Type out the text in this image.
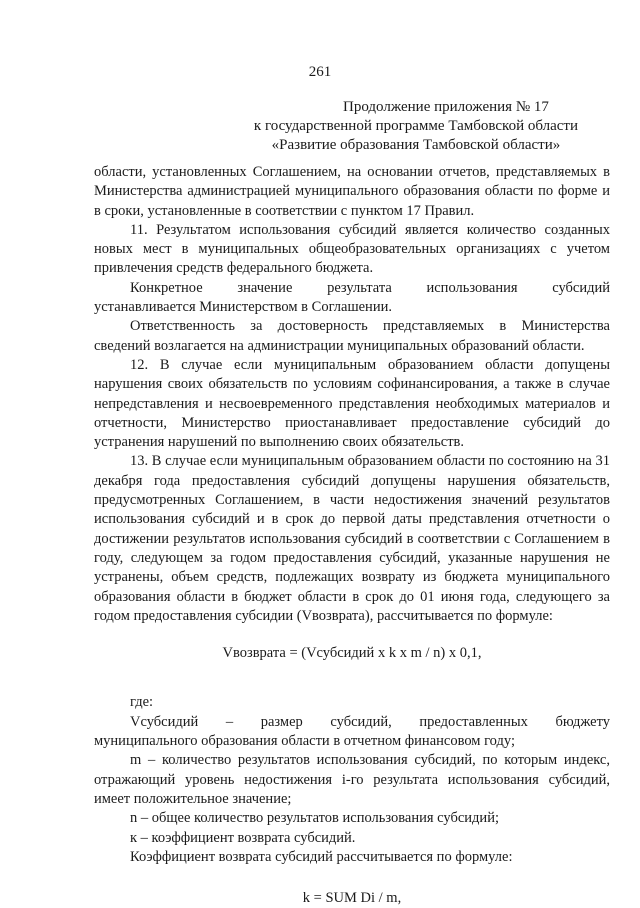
261
Продолжение приложения № 17
к государственной программе Тамбовской области
«Развитие образования Тамбовской области»

области, установленных Соглашением, на основании отчетов, представляемых в Министерства администрацией муниципального образования области по форме и в сроки, установленные в соответствии с пунктом 17 Правил.

11. Результатом использования субсидий является количество созданных новых мест в муниципальных общеобразовательных организациях с учетом привлечения средств федерального бюджета.

Конкретное значение результата использования субсидий

устанавливается Министерством в Соглашении.

Ответственность за достоверность представляемых в Министерства сведений возлагается на администрации муниципальных образований области.

12. В случае если муниципальным образованием области допущены нарушения своих обязательств по условиям софинансирования, а также в случае непредставления и несвоевременного представления необходимых материалов и отчетности, Министерство приостанавливает предоставление субсидий до устранения нарушений по выполнению своих обязательств.

13. В случае если муниципальным образованием области по состоянию на 31 декабря года предоставления субсидий допущены нарушения обязательств, предусмотренных Соглашением, в части недостижения значений результатов использования субсидий и в срок до первой даты представления отчетности о достижении результатов использования субсидий в соответствии с Соглашением в году, следующем за годом предоставления субсидий, указанные нарушения не устранены, объем средств, подлежащих возврату из бюджета муниципального образования области в бюджет области в срок до 01 июня года, следующего за годом предоставления субсидии (Vвозврата), рассчитывается по формуле:

Vвозврата = (Vсубсидий x k x m / n) x 0,1,

где:

Vсубсидий – размер субсидий, предоставленных бюджету

муниципального образования области в отчетном финансовом году;

m – количество результатов использования субсидий, по которым индекс, отражающий уровень недостижения i-го результата использования субсидий, имеет положительное значение;

n – общее количество результатов использования субсидий;

к – коэффициент возврата субсидий.

Коэффициент возврата субсидий рассчитывается по формуле:

k = SUM Di / m,
